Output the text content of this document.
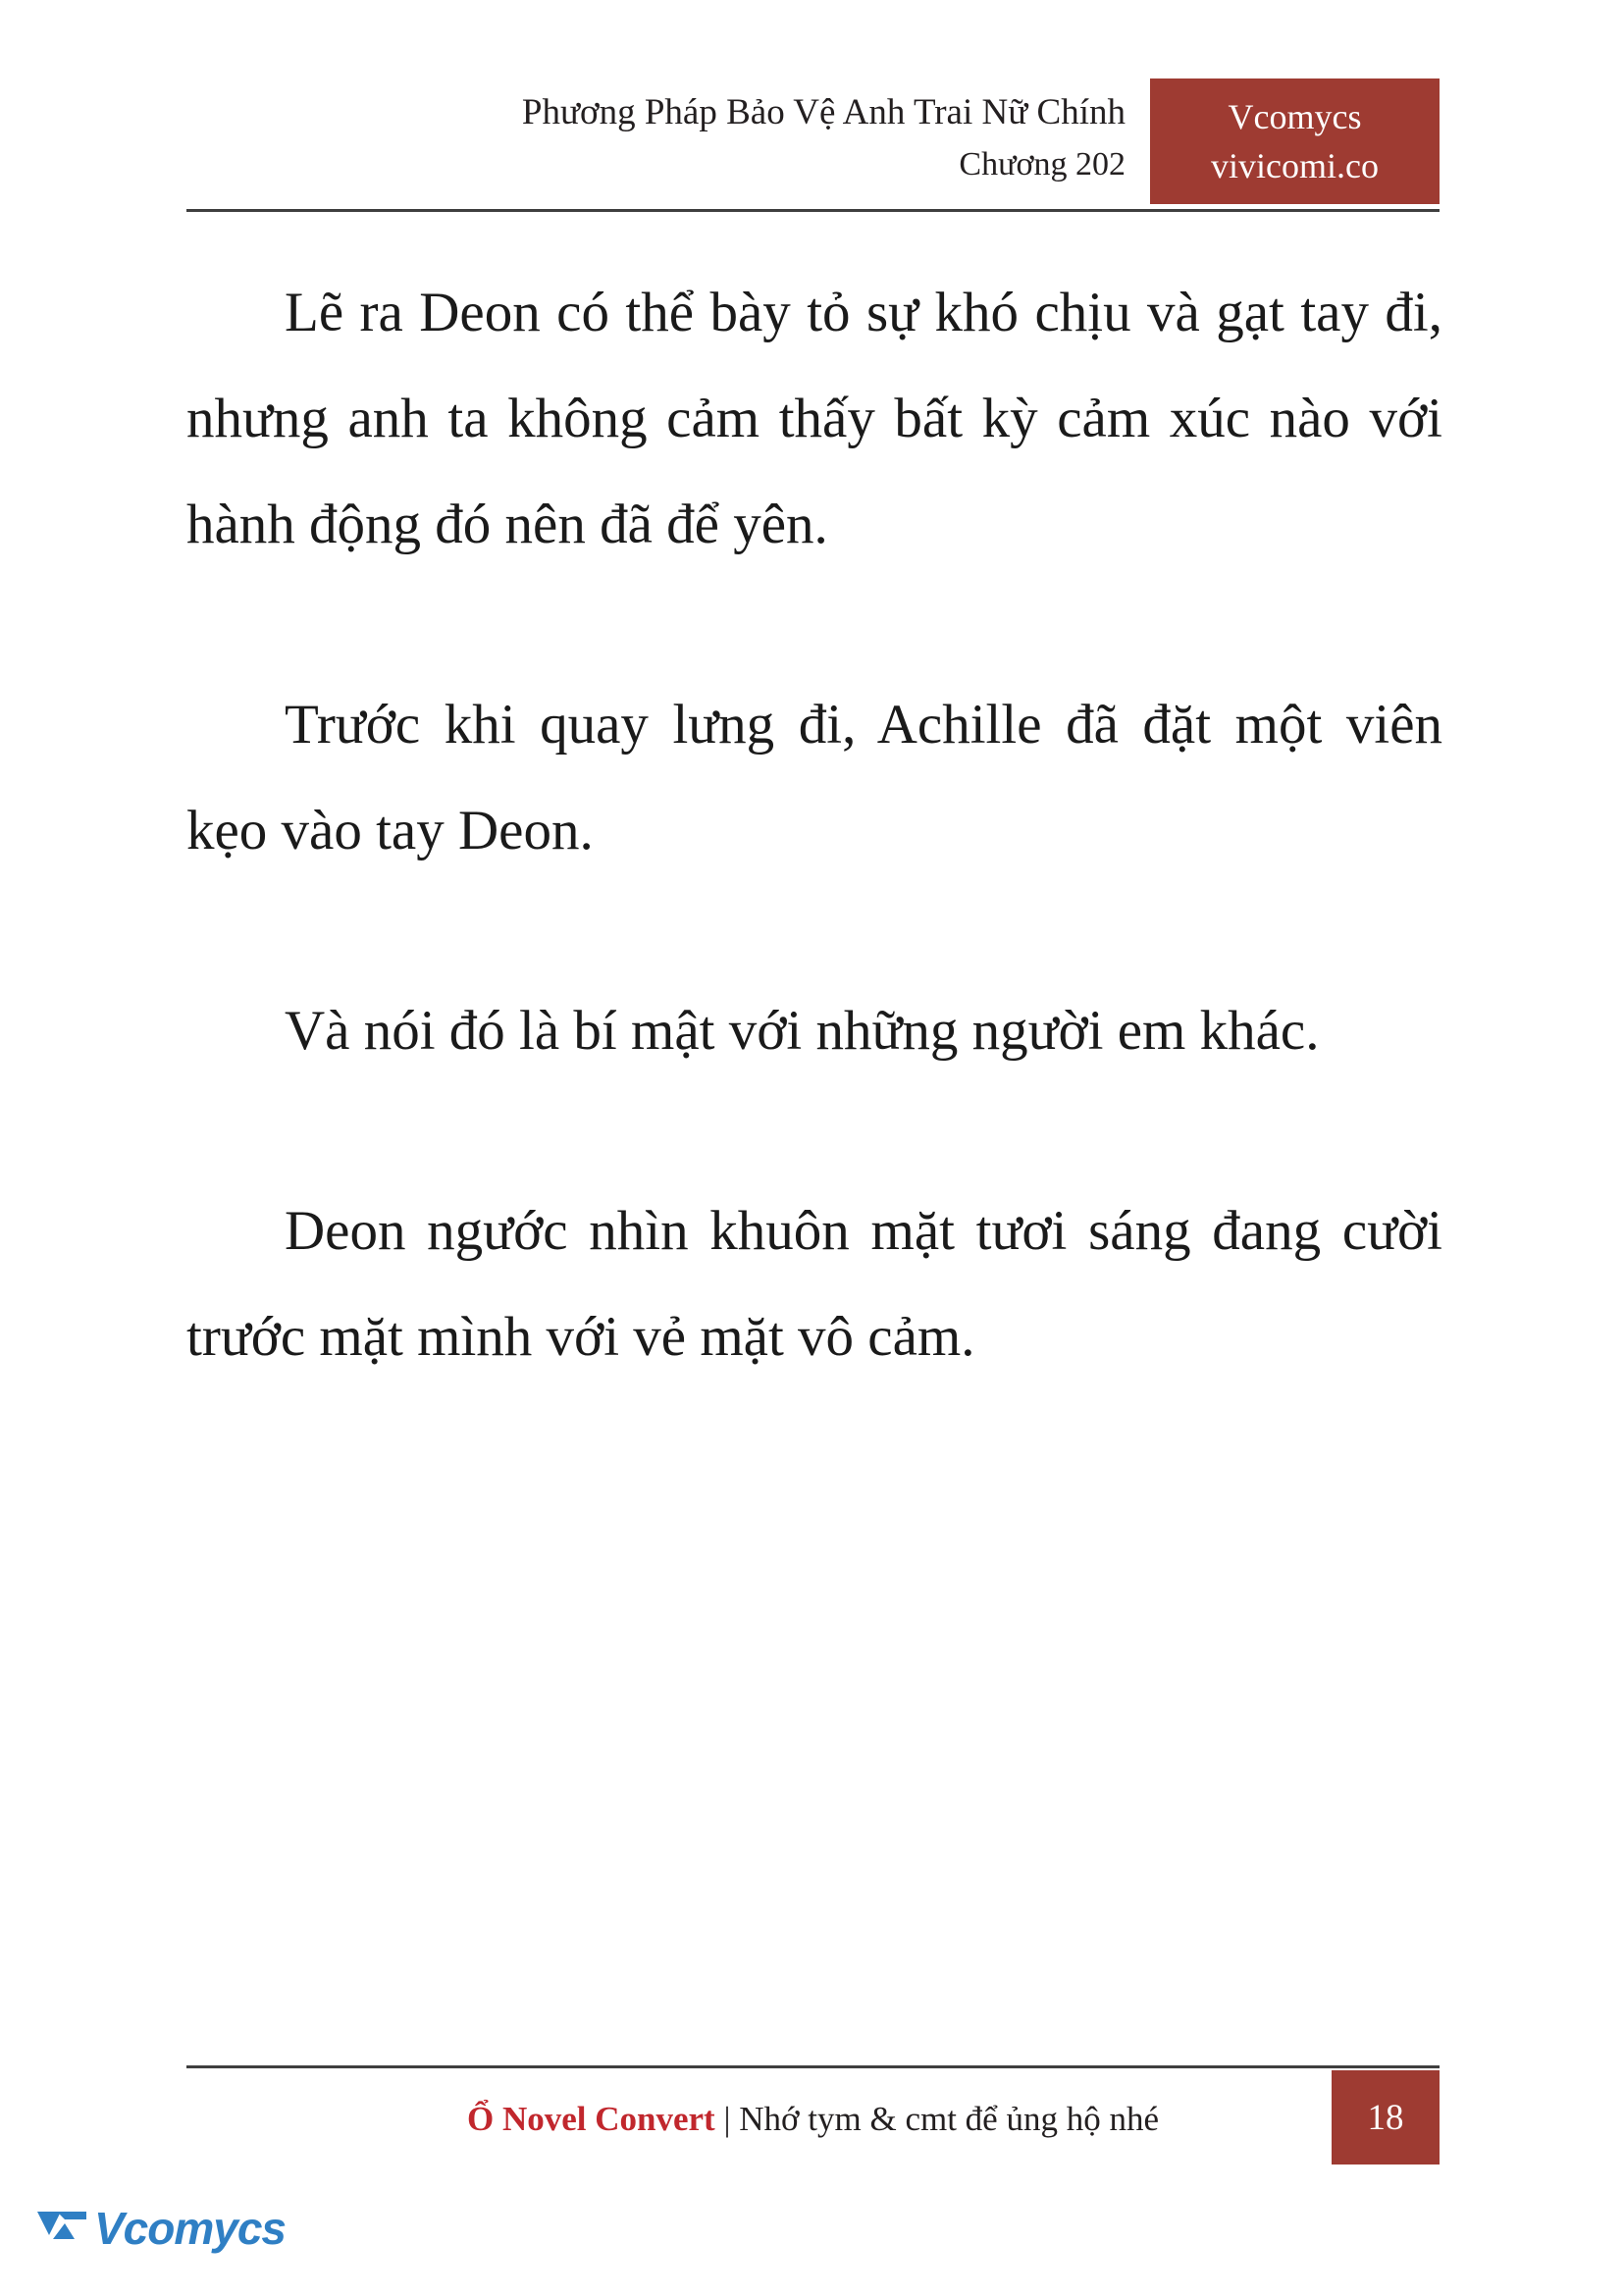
Phương Pháp Bảo Vệ Anh Trai Nữ Chính
Chương 202
Vcomycs
vivicomi.co

Lẽ ra Deon có thể bày tỏ sự khó chịu và gạt tay đi, nhưng anh ta không cảm thấy bất kỳ cảm xúc nào với hành động đó nên đã để yên.

Trước khi quay lưng đi, Achille đã đặt một viên kẹo vào tay Deon.

Và nói đó là bí mật với những người em khác.

Deon ngước nhìn khuôn mặt tươi sáng đang cười trước mặt mình với vẻ mặt vô cảm.

Ổ Novel Convert | Nhớ tym & cmt để ủng hộ nhé	18
Vcomycs
